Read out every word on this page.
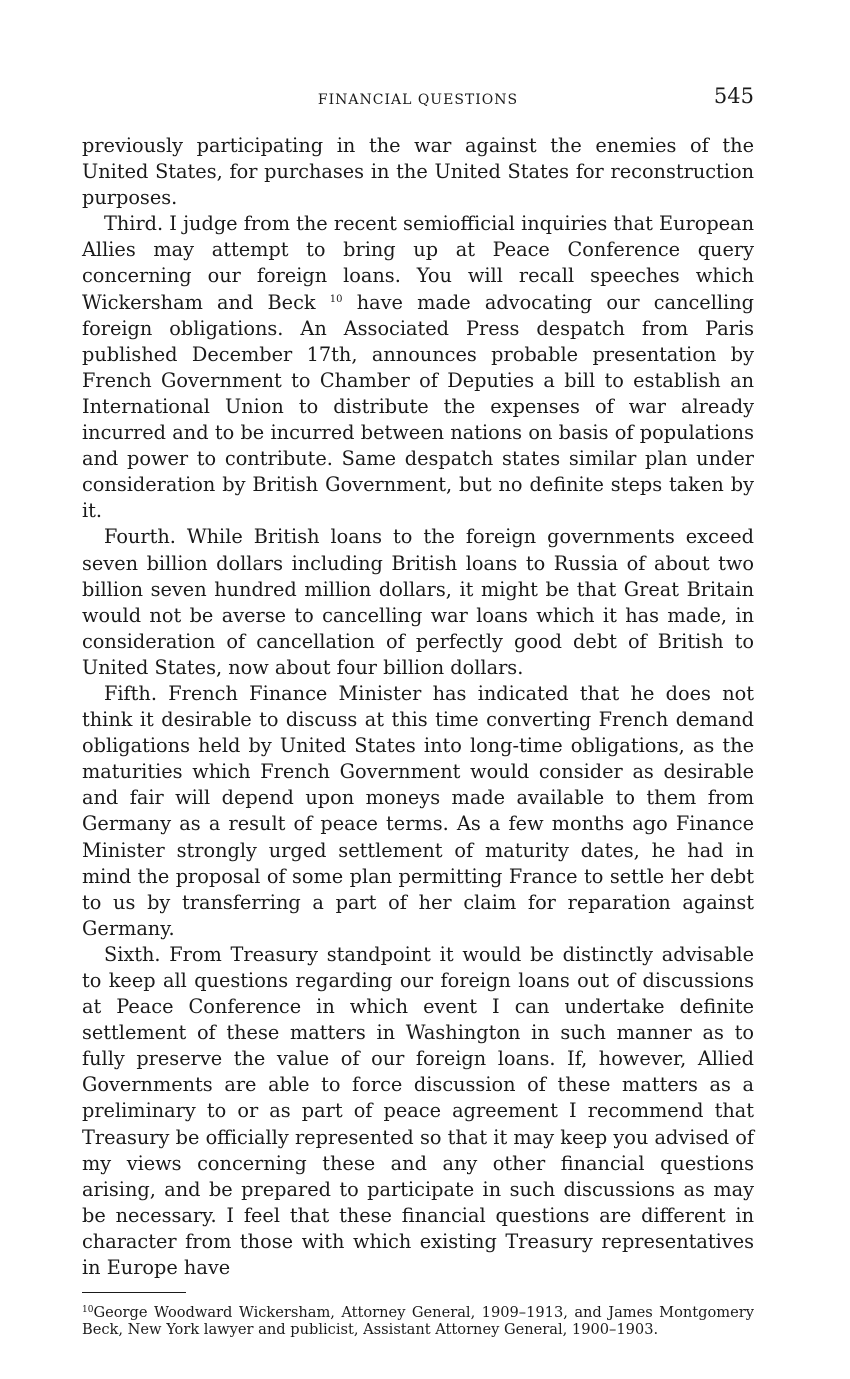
FINANCIAL QUESTIONS	545

previously participating in the war against the enemies of the United States, for purchases in the United States for reconstruction purposes.

Third. I judge from the recent semiofficial inquiries that European Allies may attempt to bring up at Peace Conference query concerning our foreign loans. You will recall speeches which Wickersham and Beck $^{10}$ have made advocating our cancelling foreign obligations. An Associated Press despatch from Paris published December 17th, announces probable presentation by French Government to Chamber of Deputies a bill to establish an International Union to distribute the expenses of war already incurred and to be incurred between nations on basis of populations and power to contribute. Same despatch states similar plan under consideration by British Government, but no definite steps taken by it.

Fourth. While British loans to the foreign governments exceed seven billion dollars including British loans to Russia of about two billion seven hundred million dollars, it might be that Great Britain would not be averse to cancelling war loans which it has made, in consideration of cancellation of perfectly good debt of British to United States, now about four billion dollars.

Fifth. French Finance Minister has indicated that he does not think it desirable to discuss at this time converting French demand obligations held by United States into long-time obligations, as the maturities which French Government would consider as desirable and fair will depend upon moneys made available to them from Germany as a result of peace terms. As a few months ago Finance Minister strongly urged settlement of maturity dates, he had in mind the proposal of some plan permitting France to settle her debt to us by transferring a part of her claim for reparation against Germany.

Sixth. From Treasury standpoint it would be distinctly advisable to keep all questions regarding our foreign loans out of discussions at Peace Conference in which event I can undertake definite settlement of these matters in Washington in such manner as to fully preserve the value of our foreign loans. If, however, Allied Governments are able to force discussion of these matters as a preliminary to or as part of peace agreement I recommend that Treasury be officially represented so that it may keep you advised of my views concerning these and any other financial questions arising, and be prepared to participate in such discussions as may be necessary. I feel that these financial questions are different in character from those with which existing Treasury representatives in Europe have

$^{10}$George Woodward Wickersham, Attorney General, 1909–1913, and James Montgomery Beck, New York lawyer and publicist, Assistant Attorney General, 1900–1903.
